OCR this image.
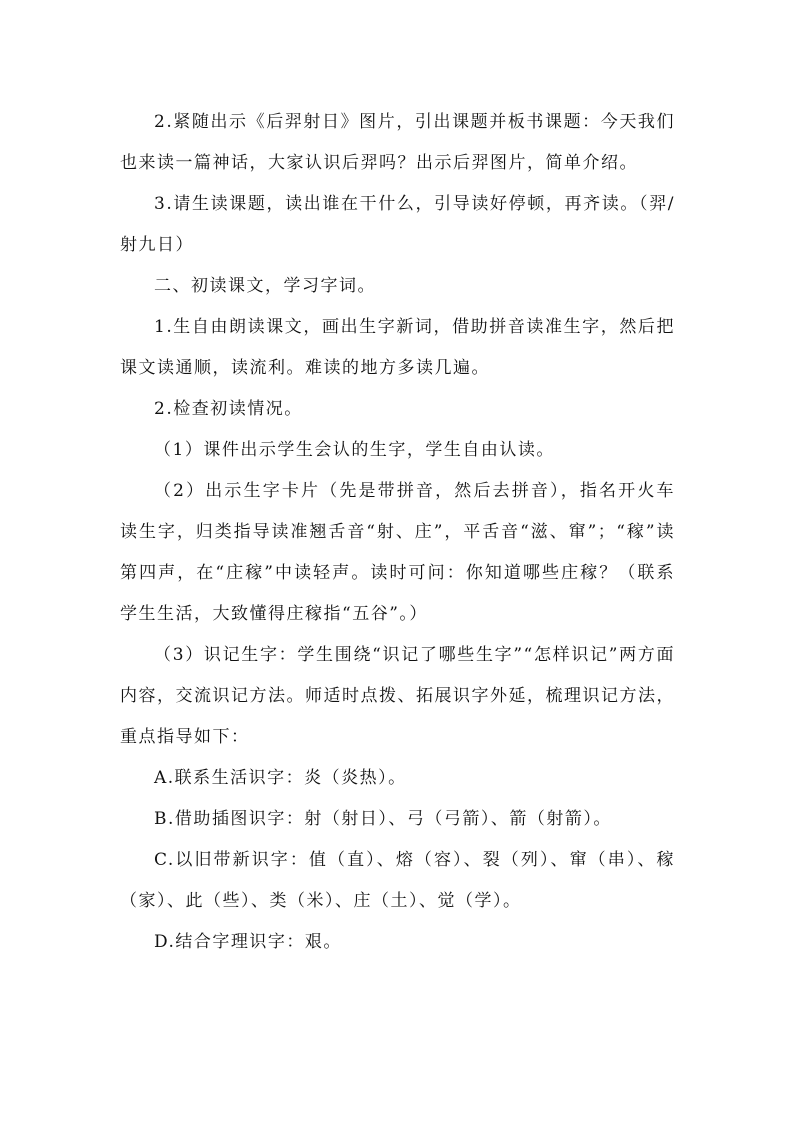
2.紧随出示《后羿射日》图片，引出课题并板书课题：今天我们也来读一篇神话，大家认识后羿吗？出示后羿图片，简单介绍。

3.请生读课题，读出谁在干什么，引导读好停顿，再齐读。（羿/射九日）

二、初读课文，学习字词。

1.生自由朗读课文，画出生字新词，借助拼音读准生字，然后把课文读通顺，读流利。难读的地方多读几遍。

2.检查初读情况。

（1）课件出示学生会认的生字，学生自由认读。

（2）出示生字卡片（先是带拼音，然后去拼音），指名开火车读生字，归类指导读准翘舌音“射、庄”，平舌音“滋、窜”；“稼”读第四声，在“庄稼”中读轻声。读时可问：你知道哪些庄稼？（联系学生生活，大致懂得庄稼指“五谷”。）

（3）识记生字：学生围绕“识记了哪些生字”“怎样识记”两方面内容，交流识记方法。师适时点拨、拓展识字外延，梳理识记方法，重点指导如下：

A.联系生活识字：炎（炎热）。

B.借助插图识字：射（射日）、弓（弓箭）、箭（射箭）。

C.以旧带新识字：值（直）、熔（容）、裂（列）、窜（串）、稼（家）、此（些）、类（米）、庄（土）、觉（学）。

D.结合字理识字：艰。
